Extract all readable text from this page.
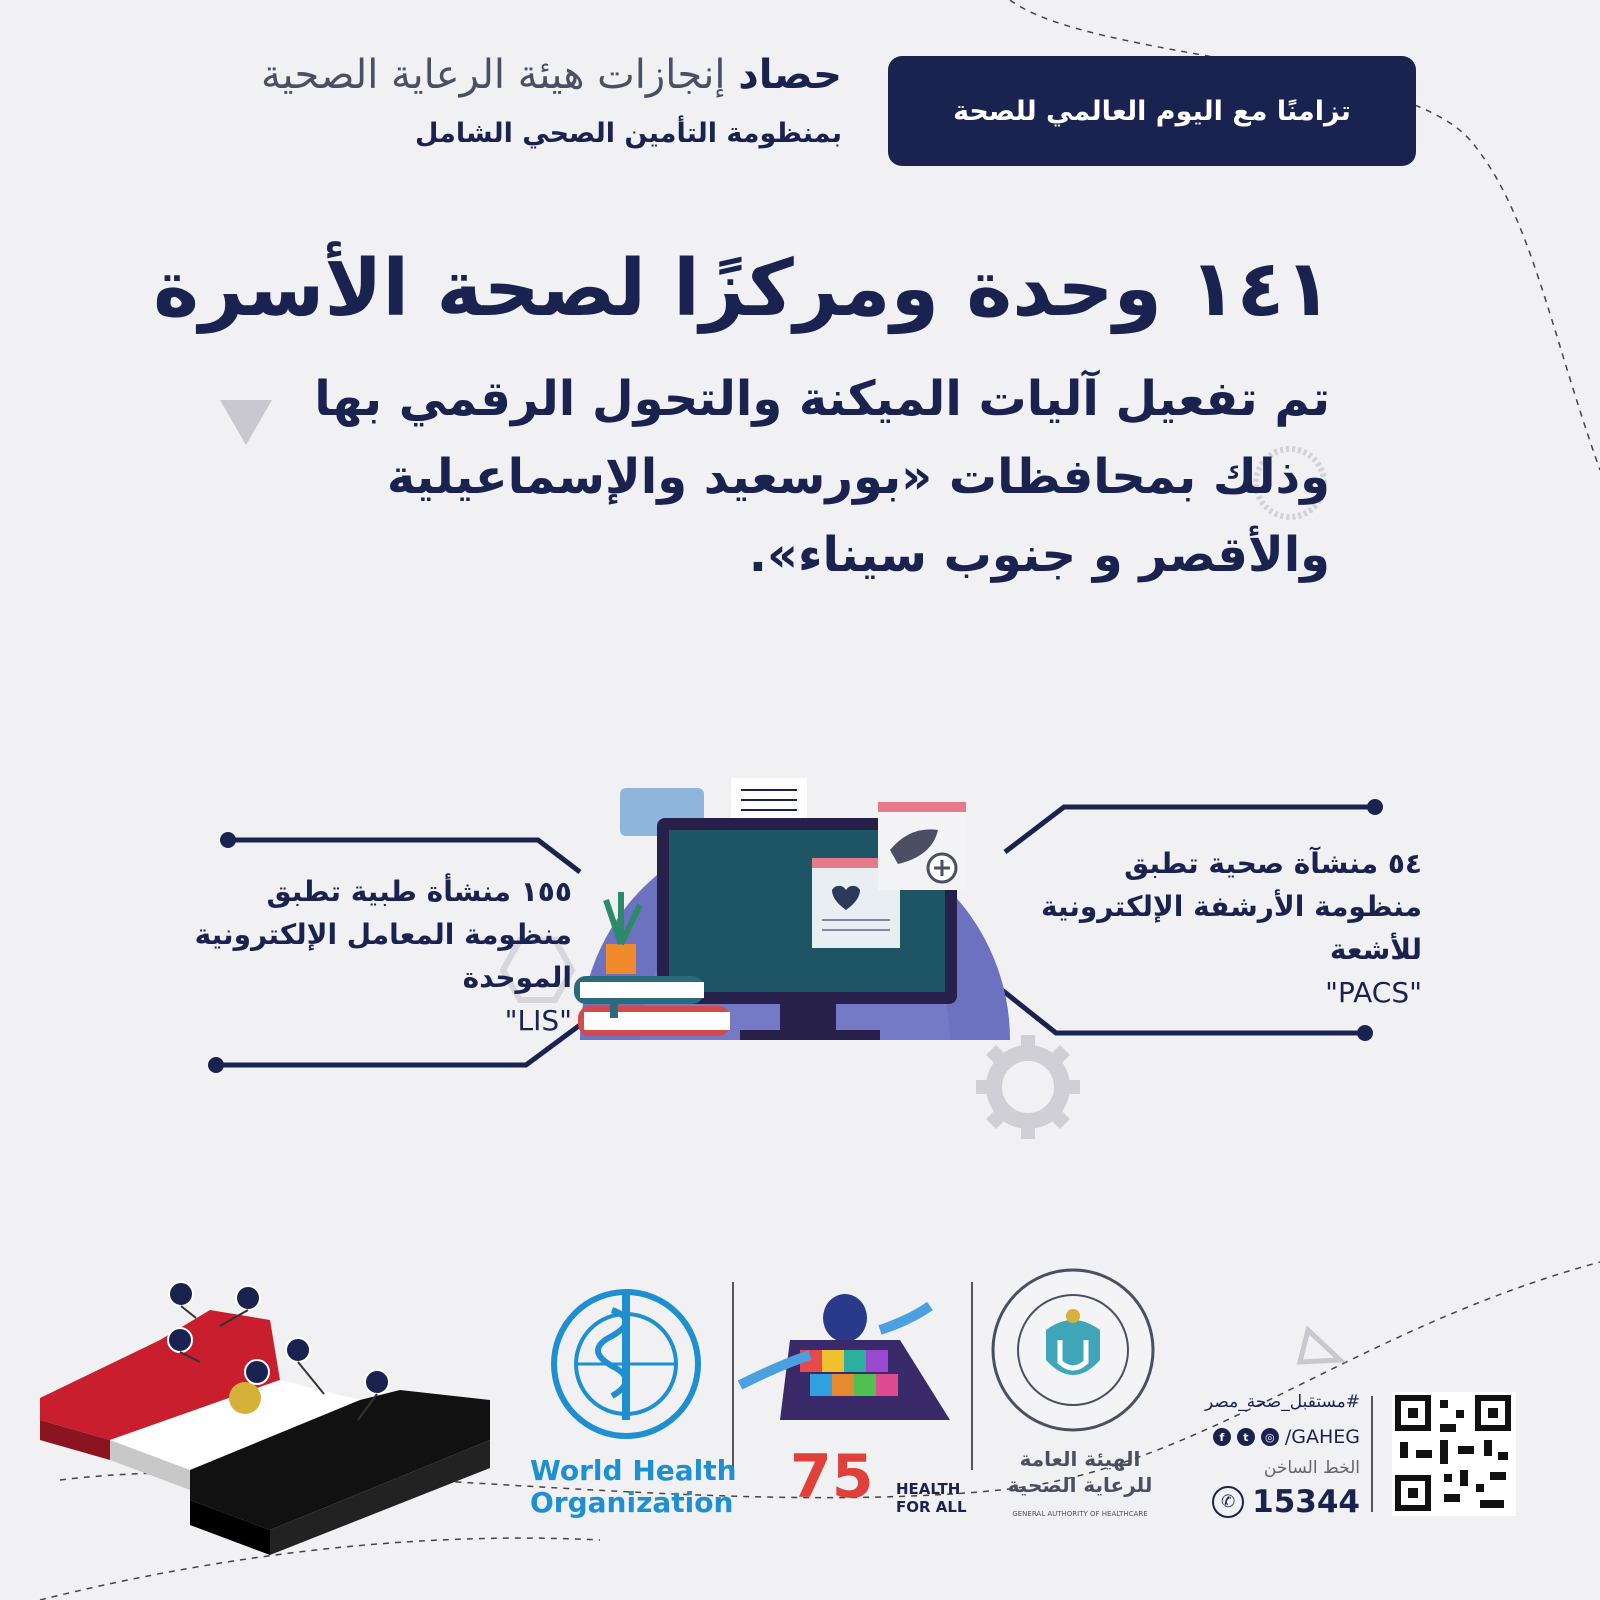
تزامنًا مع اليوم العالمي للصحة
حصاد إنجازات هيئة الرعاية الصحية
بمنظومة التأمين الصحي الشامل
١٤١ وحدة ومركزًا لصحة الأسرة
تم تفعيل آليات الميكنة والتحول الرقمي بها
وذلك بمحافظات «بورسعيد والإسماعيلية
والأقصر و جنوب سيناء».
٥٤ منشآة صحية تطبق
منظومة الأرشفة الإلكترونية
للأشعة
"PACS"
١٥٥ منشأة طبية تطبق
منظومة المعامل الإلكترونية
الموحدة
"LIS"
World Health
Organization 75 HEALTH
FOR ALL
الهيئة العامة
للرعاية الصحية
GENERAL AUTHORITY OF HEALTHCARE
#مستقبل_صحة_مصر
f	t	◎ /GAHEG
الخط الساخن
✆ 15344
